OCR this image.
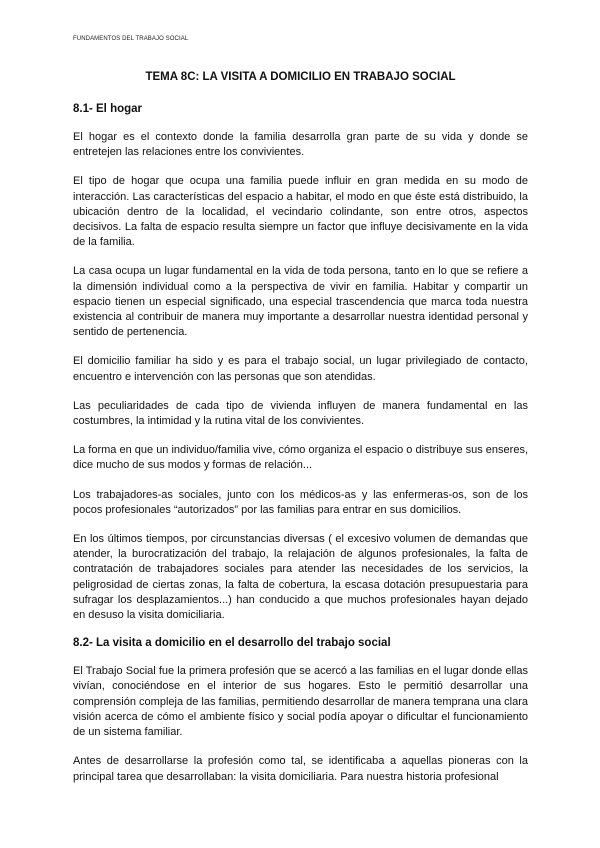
FUNDAMENTOS DEL TRABAJO SOCIAL
TEMA 8C: LA VISITA A DOMICILIO EN TRABAJO SOCIAL
8.1- El hogar

El hogar es el contexto donde la familia desarrolla gran parte de su vida y donde se entretejen las relaciones entre los convivientes.

El tipo de hogar que ocupa una familia puede influir en gran medida en su modo de interacción. Las características del espacio a habitar, el modo en que éste está distribuido, la ubicación dentro de la localidad, el vecindario colindante, son entre otros, aspectos decisivos. La falta de espacio resulta siempre un factor que influye decisivamente en la vida de la familia.

La casa ocupa un lugar fundamental en la vida de toda persona, tanto en lo que se refiere a la dimensión individual como a la perspectiva de vivir en familia. Habitar y compartir un espacio tienen un especial significado, una especial trascendencia que marca toda nuestra existencia al contribuir de manera muy importante a desarrollar nuestra identidad personal y sentido de pertenencia.

El domicilio familiar ha sido y es para el trabajo social, un lugar privilegiado de contacto, encuentro e intervención con las personas que son atendidas.

Las peculiaridades de cada tipo de vivienda influyen de manera fundamental en las costumbres, la intimidad y la rutina vital de los convivientes.

La forma en que un individuo/familia vive, cómo organiza el espacio o distribuye sus enseres, dice mucho de sus modos y formas de relación...

Los trabajadores-as sociales, junto con los médicos-as y las enfermeras-os, son de los pocos profesionales “autorizados” por las familias para entrar en sus domicilios.

En los últimos tiempos, por circunstancias diversas ( el excesivo volumen de demandas que atender, la burocratización del trabajo, la relajación de algunos profesionales, la falta de contratación de trabajadores sociales para atender las necesidades de los servicios, la peligrosidad de ciertas zonas, la falta de cobertura, la escasa dotación presupuestaria para sufragar los desplazamientos...) han conducido a que muchos profesionales hayan dejado en desuso la visita domiciliaria.

8.2- La visita a domicilio en el desarrollo del trabajo social

El Trabajo Social fue la primera profesión que se acercó a las familias en el lugar donde ellas vivían, conociéndose en el interior de sus hogares. Esto le permitió desarrollar una comprensión compleja de las familias, permitiendo desarrollar de manera temprana una clara visión acerca de cómo el ambiente físico y social podía apoyar o dificultar el funcionamiento de un sistema familiar.

Antes de desarrollarse la profesión como tal, se identificaba a aquellas pioneras con la principal tarea que desarrollaban: la visita domiciliaria. Para nuestra historia profesional
